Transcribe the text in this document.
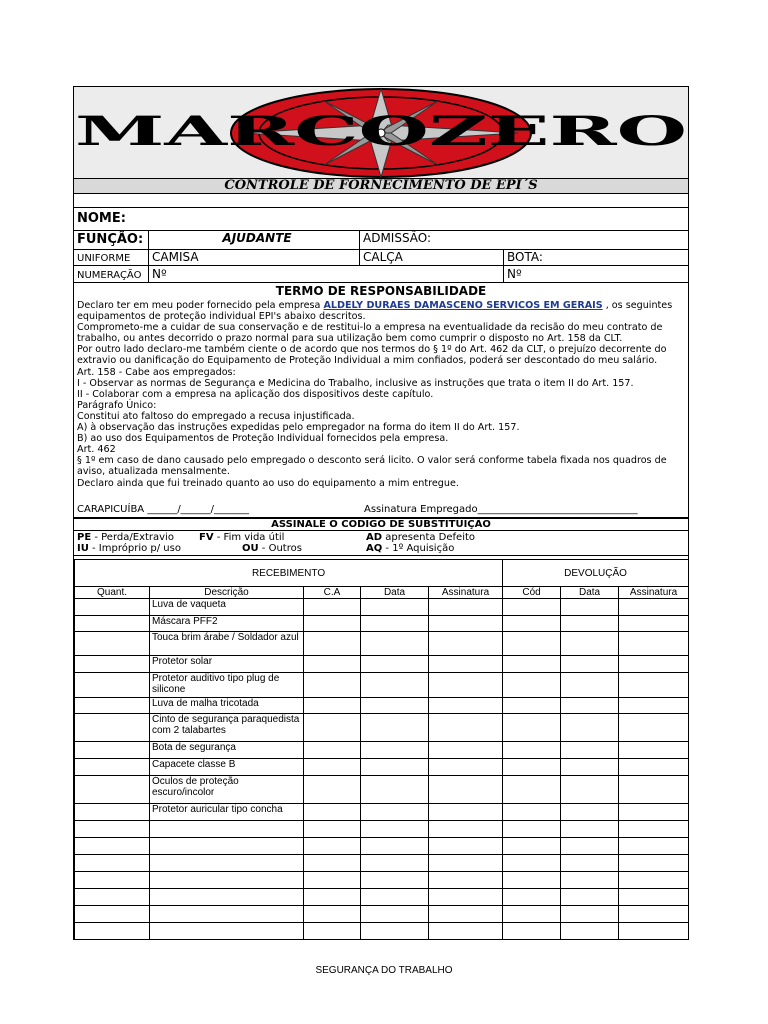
MARCOZERO
CONTROLE DE FORNECIMENTO DE EPI´S
NOME:
FUNÇÃO:	AJUDANTE	ADMISSÃO:
UNIFORME	CAMISA	CALÇA	BOTA:
NUMERAÇÃO Nº	Nº
TERMO DE RESPONSABILIDADE

Declaro ter em meu poder fornecido pela empresa ALDELY DURAES DAMASCENO SERVICOS EM GERAIS , os seguintes equipamentos de proteção individual EPI's abaixo descritos.

Comprometo-me a cuidar de sua conservação e de restitui-lo a empresa na eventualidade da recisão do meu contrato de trabalho, ou antes decorrido o prazo normal para sua utilização bem como cumprir o disposto no Art. 158 da CLT.

Por outro lado declaro-me também ciente o de acordo que nos termos do § 1º do Art. 462 da CLT, o prejuízo decorrente do extravio ou danificação do Equipamento de Proteção Individual a mim confiados, poderá ser descontado do meu salário.

Art. 158 - Cabe aos empregados:

I - Observar as normas de Segurança e Medicina do Trabalho, inclusive as instruções que trata o item II do Art. 157.

II - Colaborar com a empresa na aplicação dos dispositivos deste capítulo.

Parágrafo Único:

Constitui ato faltoso do empregado a recusa injustificada.

A) à observação das instruções expedidas pelo empregador na forma do item II do Art. 157.

B) ao uso dos Equipamentos de Proteção Individual fornecidos pela empresa.

Art. 462

§ 1º em caso de dano causado pelo empregado o desconto será licito. O valor será conforme tabela fixada nos quadros de aviso, atualizada mensalmente.

Declaro ainda que fui treinado quanto ao uso do equipamento a mim entregue.

CARAPICUÍBA ______/______/_______	Assinatura Empregado________________________________
ASSINALE O CÓDIGO DE SUBSTITUIÇÃO
PE - Perda/Extravio	FV - Fim vida útil	AD apresenta Defeito
IU - Impróprio p/ uso	OU - Outros	AQ - 1º Aquisição
RECEBIMENTO					DEVOLUÇÃO		
Quant.	Descrição	C.A	Data	Assinatura	Cód	Data	Assinatura
	Luva de vaqueta						
	Máscara PFF2						
	Touca brim árabe / Soldador azul						
	Protetor solar						
	Protetor auditivo tipo plug de silicone						
	Luva de malha tricotada						
	Cinto de segurança paraquedista com 2 talabartes						
	Bota de segurança						
	Capacete classe B						
	Óculos de proteção escuro/incolor						
	Protetor auricular tipo concha						

SEGURANÇA DO TRABALHO
